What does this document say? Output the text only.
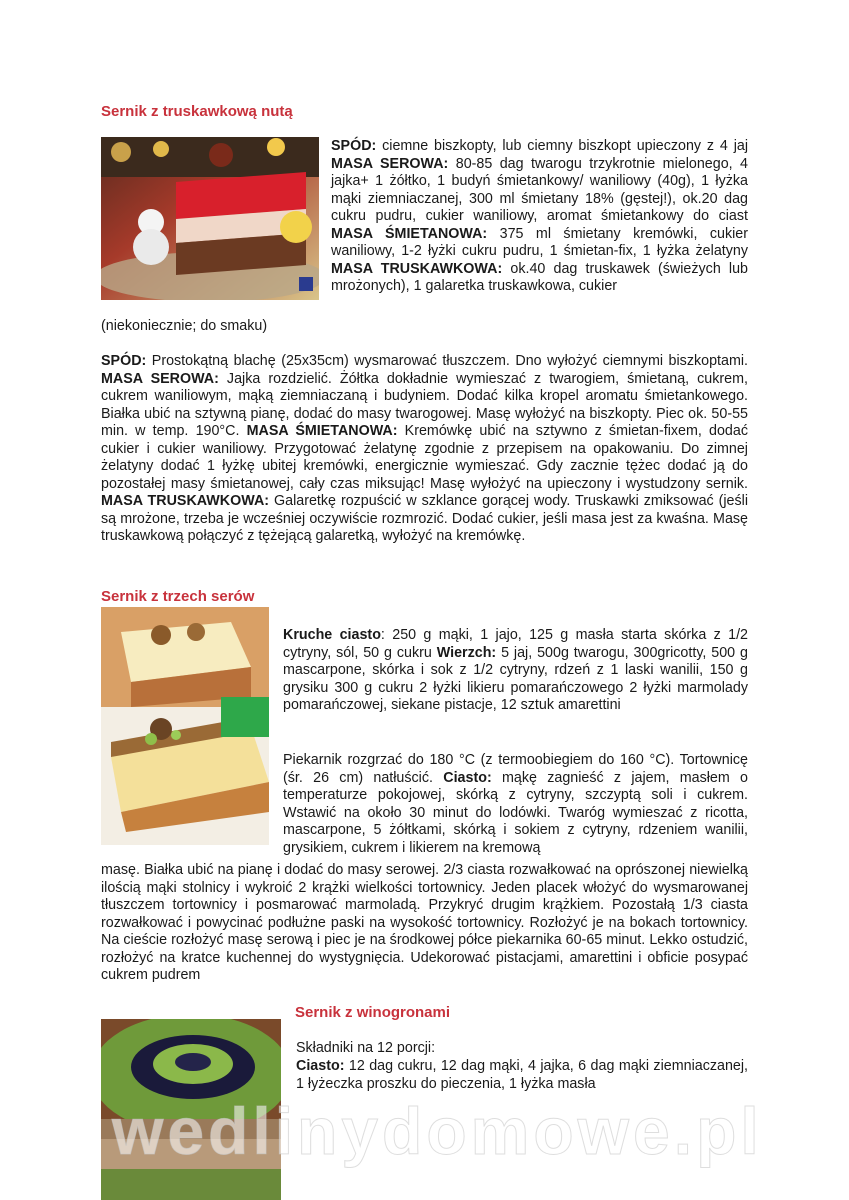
Sernik z truskawkową nutą

SPÓD: ciemne biszkopty, lub ciemny biszkopt upieczony z 4 jaj MASA SEROWA: 80-85 dag twarogu trzykrotnie mielonego, 4 jajka+ 1 żółtko, 1 budyń śmietankowy/ waniliowy (40g), 1 łyżka mąki ziemniaczanej, 300 ml śmietany 18% (gęstej!), ok.20 dag cukru pudru, cukier waniliowy, aromat śmietankowy do ciast MASA ŚMIETANOWA: 375 ml śmietany kremówki, cukier waniliowy, 1-2 łyżki cukru pudru, 1 śmietan-fix, 1 łyżka żelatyny MASA TRUSKAWKOWA: ok.40 dag truskawek (świeżych lub mrożonych), 1 galaretka truskawkowa, cukier

(niekoniecznie; do smaku)

SPÓD: Prostokątną blachę (25x35cm) wysmarować tłuszczem. Dno wyłożyć ciemnymi biszkoptami. MASA SEROWA: Jajka rozdzielić. Żółtka dokładnie wymieszać z twarogiem, śmietaną, cukrem, cukrem waniliowym, mąką ziemniaczaną i budyniem. Dodać kilka kropel aromatu śmietankowego. Białka ubić na sztywną pianę, dodać do masy twarogowej. Masę wyłożyć na biszkopty. Piec ok. 50-55 min. w temp. 190°C. MASA ŚMIETANOWA: Kremówkę ubić na sztywno z śmietan-fixem, dodać cukier i cukier waniliowy. Przygotować żelatynę zgodnie z przepisem na opakowaniu. Do zimnej żelatyny dodać 1 łyżkę ubitej kremówki, energicznie wymieszać. Gdy zacznie tężec dodać ją do pozostałej masy śmietanowej, cały czas miksując! Masę wyłożyć na upieczony i wystudzony sernik. MASA TRUSKAWKOWA: Galaretkę rozpuścić w szklance gorącej wody. Truskawki zmiksować (jeśli są mrożone, trzeba je wcześniej oczywiście rozmrozić. Dodać cukier, jeśli masa jest za kwaśna. Masę truskawkową połączyć z tężejącą galaretką, wyłożyć na kremówkę.

Sernik z trzech serów

Kruche ciasto: 250 g mąki, 1 jajo, 125 g masła starta skórka z 1/2 cytryny, sól, 50 g cukru Wierzch: 5 jaj, 500g twarogu, 300gricotty, 500 g mascarpone, skórka i sok z 1/2 cytryny, rdzeń z 1 laski wanilii, 150 g grysiku 300 g cukru 2 łyżki likieru pomarańczowego 2 łyżki marmolady pomarańczowej, siekane pistacje, 12 sztuk amarettini

Piekarnik rozgrzać do 180 °C (z termoobiegiem do 160 °C). Tortownicę (śr. 26 cm) natłuścić. Ciasto: mąkę zagnieść z jajem, masłem o temperaturze pokojowej, skórką z cytryny, szczyptą soli i cukrem. Wstawić na około 30 minut do lodówki. Twaróg wymieszać z ricotta, mascarpone, 5 żółtkami, skórką i sokiem z cytryny, rdzeniem wanilii, grysikiem, cukrem i likierem na kremową

masę. Białka ubić na pianę i dodać do masy serowej. 2/3 ciasta rozwałkować na oprószonej niewielką ilością mąki stolnicy i wykroić 2 krążki wielkości tortownicy. Jeden placek włożyć do wysmarowanej tłuszczem tortownicy i posmarować marmoladą. Przykryć drugim krążkiem. Pozostałą 1/3 ciasta rozwałkować i powycinać podłużne paski na wysokość tortownicy. Rozłożyć je na bokach tortownicy. Na cieście rozłożyć masę serową i piec je na środkowej półce piekarnika 60-65 minut. Lekko ostudzić, rozłożyć na kratce kuchennej do wystygnięcia. Udekorować pistacjami, amarettini i obficie posypać cukrem pudrem

Sernik z winogronami

Składniki na 12 porcji:

Ciasto: 12 dag cukru, 12 dag mąki, 4 jajka, 6 dag mąki ziemniaczanej, 1 łyżeczka proszku do pieczenia, 1 łyżka masła

wedlinydomowe.pl
